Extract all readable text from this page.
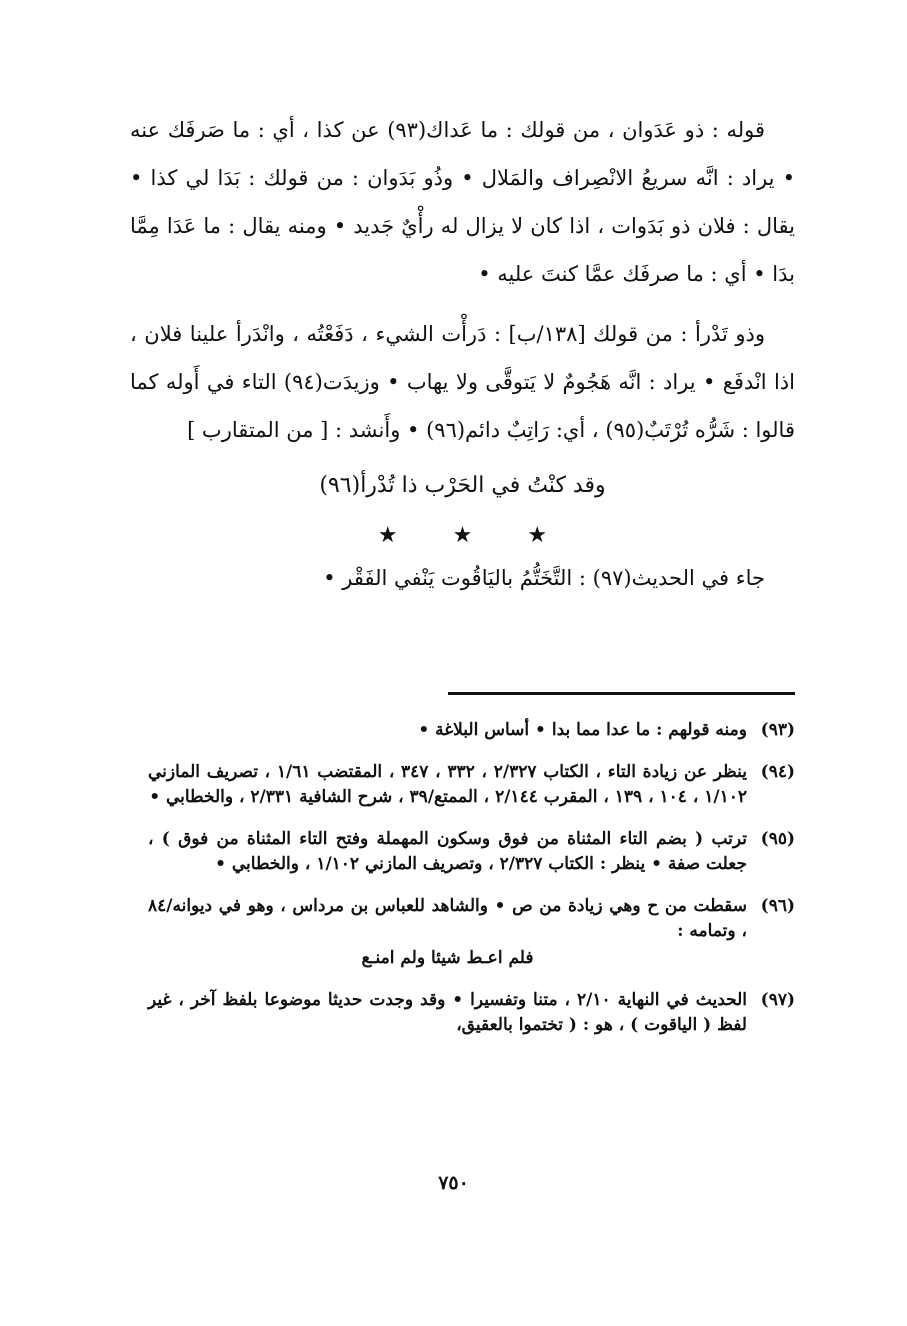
قوله : ذو عَدَوان ، من قولك : ما عَداك(٩٣) عن كذا ، أي : ما صَرفَك عنه • يراد : انَّه سريعُ الانْصِراف والمَلال • وذُو بَدَوان : من قولك : بَدَا لي كذا • يقال : فلان ذو بَدَوات ، اذا كان لا يزال له رأْيٌ جَديد • ومنه يقال : ما عَدَا مِمَّا بدَا • أي : ما صرفَك عمَّا كنتَ عليه •

وذو تَدْرأ : من قولك [١٣٨/ب] : دَرأْت الشيء ، دَفَعْتُه ، وانْدَرأ علينا فلان ، اذا انْدفَع • يراد : انَّه هَجُومٌ لا يَتوقَّى ولا يهاب • وزيدَت(٩٤) التاء في أَوله كما قالوا : شَرُّه تُرْتَبٌ(٩٥) ، أي: رَاتِبٌ دائم(٩٦) • وأَنشد : [ من المتقارب ]

وقد كنْتُ في الحَرْب ذا تُدْرأ(٩٦)
★★★

جاء في الحديث(٩٧) : التَّخَتُّمُ باليَاقُوت يَنْفي الفَقْر •

(٩٣)
ومنه قولهم : ما عدا مما بدا • أساس البلاغة •
(٩٤)
ينظر عن زيادة التاء ، الكتاب ٢/٣٢٧ ، ٣٣٢ ، ٣٤٧ ، المقتضب ١/٦١ ، تصريف المازني ١/١٠٢ ، ١٠٤ ، ١٣٩ ، المقرب ٢/١٤٤ ، الممتع/٣٩ ، شرح الشافية ٢/٣٣١ ، والخطابي •
(٩٥)
ترتب ( بضم التاء المثناة من فوق وسكون المهملة وفتح التاء المثناة من فوق ) ، جعلت صفة • ينظر : الكتاب ٢/٣٢٧ ، وتصريف المازني ١/١٠٢ ، والخطابي •
(٩٦)
سقطت من ح وهي زيادة من ص • والشاهد للعباس بن مرداس ، وهو في ديوانه/٨٤ ، وتمامه :
فلم اعـط شيئا ولم امنـع
(٩٧)
الحديث في النهاية ٢/١٠ ، متنا وتفسيرا • وقد وجدت حديثا موضوعا بلفظ آخر ، غير لفظ ( الياقوت ) ، هو : ( تختموا بالعقيق،
٧٥٠
